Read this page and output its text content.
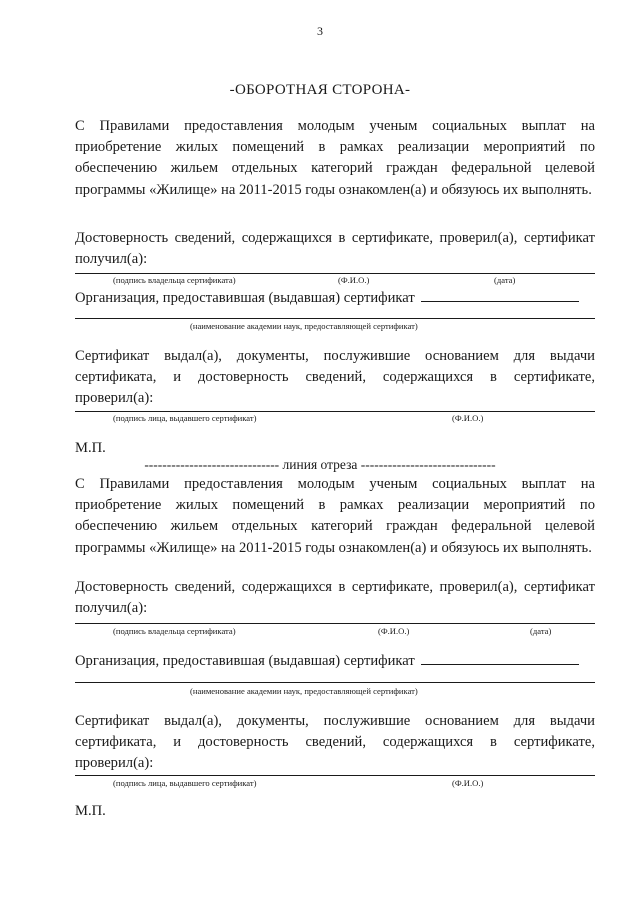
3
-ОБОРОТНАЯ СТОРОНА-
С Правилами предоставления молодым ученым социальных выплат на приобретение жилых помещений в рамках реализации мероприятий по обеспечению жильем отдельных категорий граждан федеральной целевой программы «Жилище» на 2011-2015 годы ознакомлен(а) и обязуюсь их выполнять.
Достоверность сведений, содержащихся в сертификате, проверил(а), сертификат получил(а):
(подпись владельца сертификата)	(Ф.И.О.)	(дата)
Организация, предоставившая (выдавшая) сертификат
(наименование академии наук, предоставляющей сертификат)
Сертификат выдал(а), документы, послужившие основанием для выдачи сертификата, и достоверность сведений, содержащихся в сертификате, проверил(а):
(подпись лица, выдавшего сертификат)	(Ф.И.О.)
М.П.
------------------------------ линия отреза ------------------------------
С Правилами предоставления молодым ученым социальных выплат на приобретение жилых помещений в рамках реализации мероприятий по обеспечению жильем отдельных категорий граждан федеральной целевой программы «Жилище» на 2011-2015 годы ознакомлен(а) и обязуюсь их выполнять.
Достоверность сведений, содержащихся в сертификате, проверил(а), сертификат получил(а):
(подпись владельца сертификата)	(Ф.И.О.)	(дата)
Организация, предоставившая (выдавшая) сертификат
(наименование академии наук, предоставляющей сертификат)
Сертификат выдал(а), документы, послужившие основанием для выдачи сертификата, и достоверность сведений, содержащихся в сертификате, проверил(а):
(подпись лица, выдавшего сертификат)	(Ф.И.О.)
М.П.
